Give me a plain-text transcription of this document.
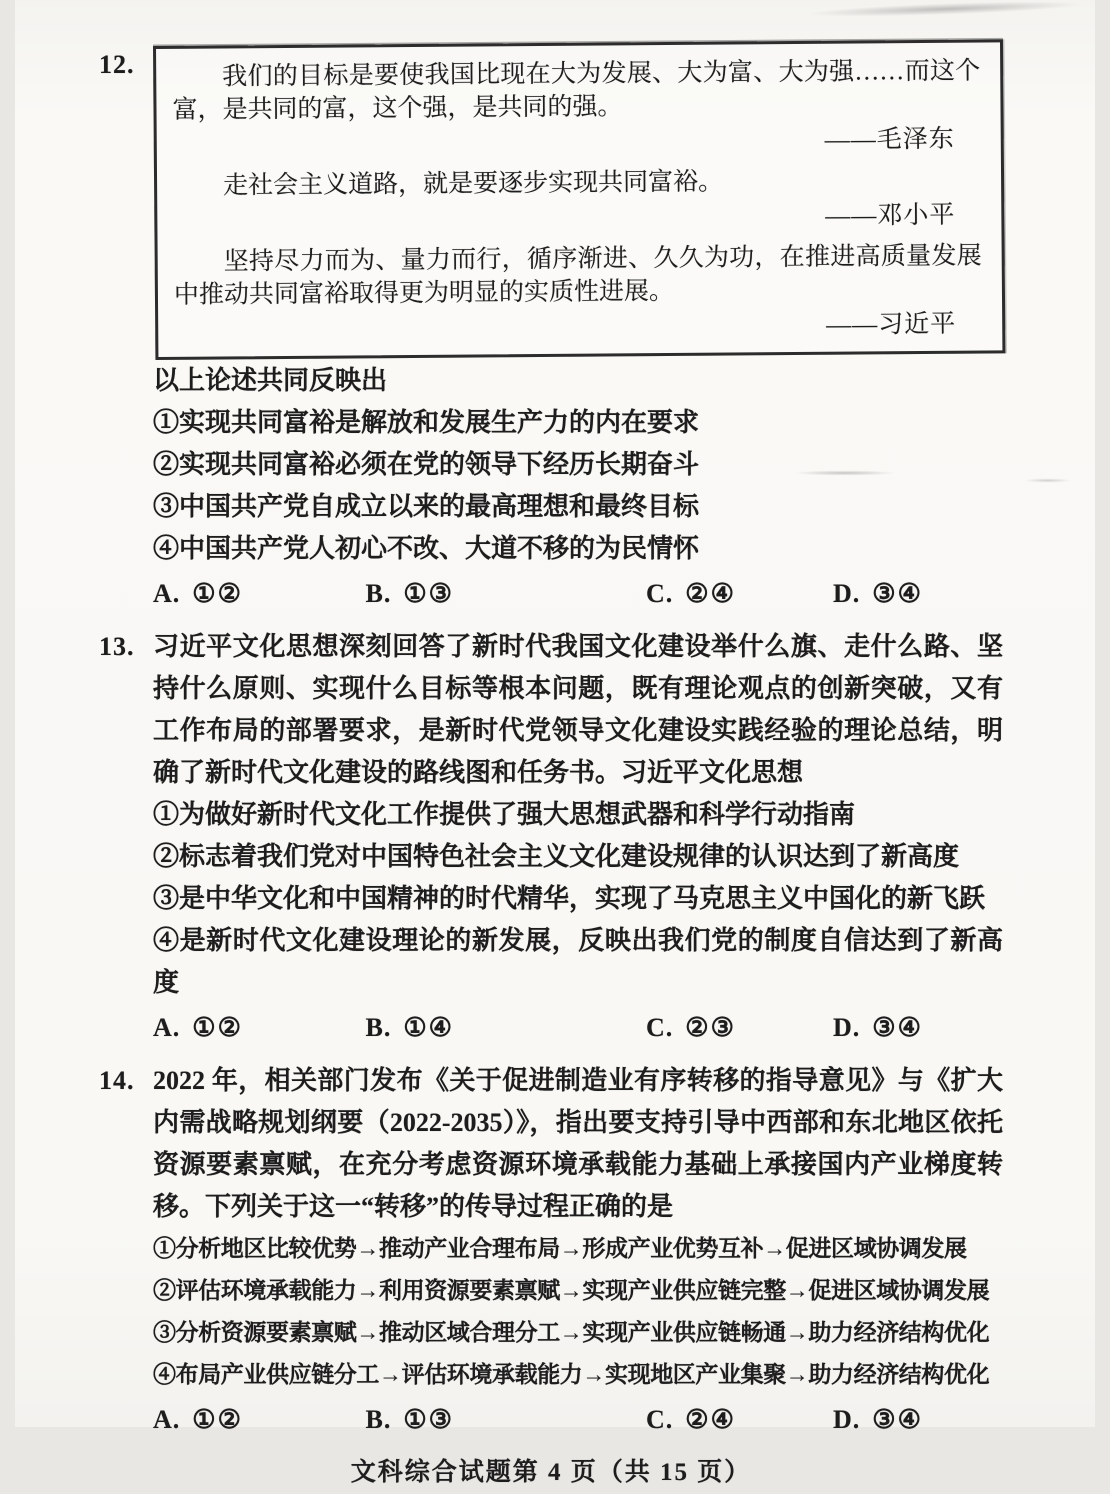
12.	我们的目标是要使我国比现在大为发展、大为富、大为强……而这个富，是共同的富，这个强，是共同的强。

——毛泽东

走社会主义道路，就是要逐步实现共同富裕。

——邓小平

坚持尽力而为、量力而行，循序渐进、久久为功，在推进高质量发展中推动共同富裕取得更为明显的实质性进展。

——习近平

以上论述共同反映出

①实现共同富裕是解放和发展生产力的内在要求

②实现共同富裕必须在党的领导下经历长期奋斗

③中国共产党自成立以来的最高理想和最终目标

④中国共产党人初心不改、大道不移的为民情怀

A. ①②	B. ①③	C. ②④	D. ③④
13. 习近平文化思想深刻回答了新时代我国文化建设举什么旗、走什么路、坚持什么原则、实现什么目标等根本问题，既有理论观点的创新突破，又有工作布局的部署要求，是新时代党领导文化建设实践经验的理论总结，明确了新时代文化建设的路线图和任务书。习近平文化思想

①为做好新时代文化工作提供了强大思想武器和科学行动指南

②标志着我们党对中国特色社会主义文化建设规律的认识达到了新高度

③是中华文化和中国精神的时代精华，实现了马克思主义中国化的新飞跃

④是新时代文化建设理论的新发展，反映出我们党的制度自信达到了新高度

A. ①②	B. ①④	C. ②③	D. ③④
14. 2022 年，相关部门发布《关于促进制造业有序转移的指导意见》与《扩大内需战略规划纲要（2022-2035）》，指出要支持引导中西部和东北地区依托资源要素禀赋，在充分考虑资源环境承载能力基础上承接国内产业梯度转移。下列关于这一“转移”的传导过程正确的是

①分析地区比较优势→推动产业合理布局→形成产业优势互补→促进区域协调发展

②评估环境承载能力→利用资源要素禀赋→实现产业供应链完整→促进区域协调发展

③分析资源要素禀赋→推动区域合理分工→实现产业供应链畅通→助力经济结构优化

④布局产业供应链分工→评估环境承载能力→实现地区产业集聚→助力经济结构优化

A. ①②	B. ①③	C. ②④	D. ③④
文科综合试题第 4 页（共 15 页）
